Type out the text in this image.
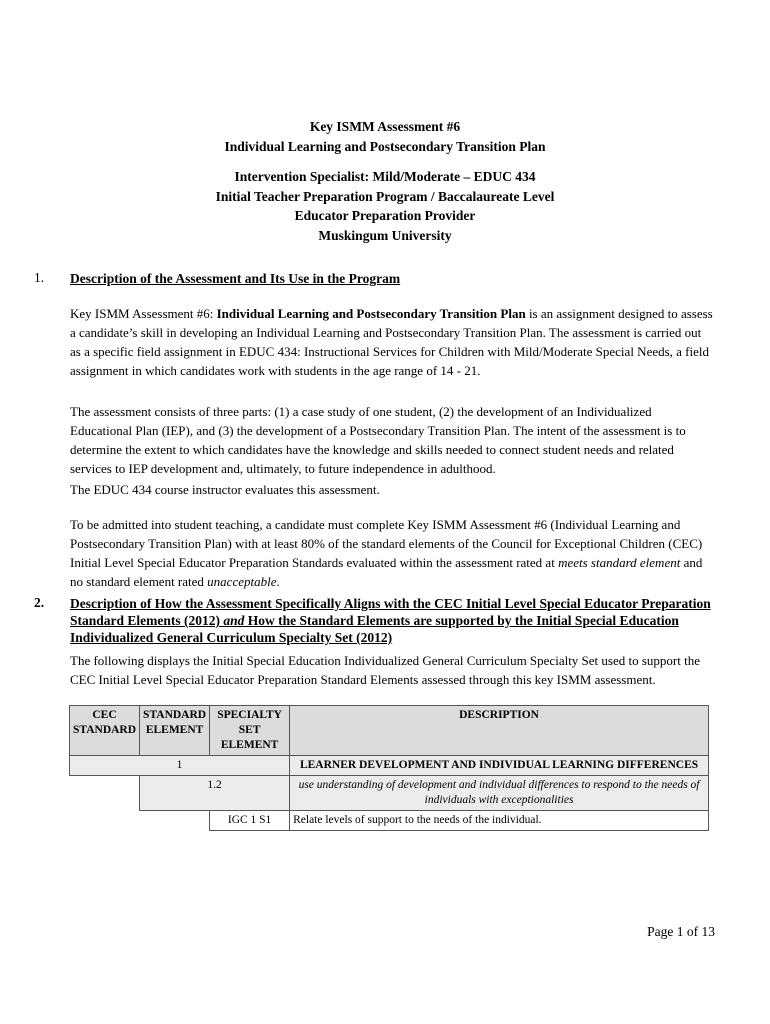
Key ISMM Assessment #6
Individual Learning and Postsecondary Transition Plan
Intervention Specialist: Mild/Moderate – EDUC 434
Initial Teacher Preparation Program / Baccalaureate Level
Educator Preparation Provider
Muskingum University
1. Description of the Assessment and Its Use in the Program
Key ISMM Assessment #6: Individual Learning and Postsecondary Transition Plan is an assignment designed to assess a candidate’s skill in developing an Individual Learning and Postsecondary Transition Plan. The assessment is carried out as a specific field assignment in EDUC 434: Instructional Services for Children with Mild/Moderate Special Needs, a field assignment in which candidates work with students in the age range of 14 - 21.
The assessment consists of three parts: (1) a case study of one student, (2) the development of an Individualized Educational Plan (IEP), and (3) the development of a Postsecondary Transition Plan. The intent of the assessment is to determine the extent to which candidates have the knowledge and skills needed to connect student needs and related services to IEP development and, ultimately, to future independence in adulthood.
The EDUC 434 course instructor evaluates this assessment.
To be admitted into student teaching, a candidate must complete Key ISMM Assessment #6 (Individual Learning and Postsecondary Transition Plan) with at least 80% of the standard elements of the Council for Exceptional Children (CEC) Initial Level Special Educator Preparation Standards evaluated within the assessment rated at meets standard element and no standard element rated unacceptable.
2. Description of How the Assessment Specifically Aligns with the CEC Initial Level Special Educator Preparation Standard Elements (2012) and How the Standard Elements are supported by the Initial Special Education Individualized General Curriculum Specialty Set (2012)
The following displays the Initial Special Education Individualized General Curriculum Specialty Set used to support the CEC Initial Level Special Educator Preparation Standard Elements assessed through this key ISMM assessment.
CEC STANDARD	STANDARD ELEMENT	SPECIALTY SET ELEMENT	DESCRIPTION
1			LEARNER DEVELOPMENT AND INDIVIDUAL LEARNING DIFFERENCES
	1.2		use understanding of development and individual differences to respond to the needs of individuals with exceptionalities
		IGC 1 S1	Relate levels of support to the needs of the individual.
Page 1 of 13
